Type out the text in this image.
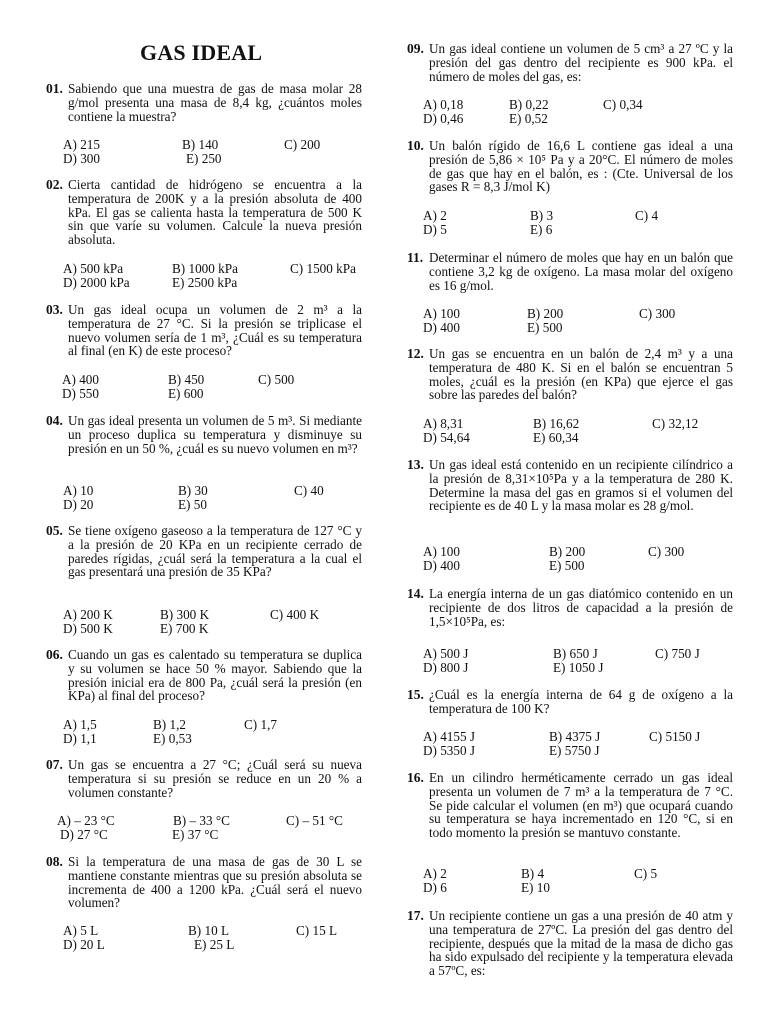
GAS IDEAL
01. Sabiendo que una muestra de gas de masa molar 28 g/mol presenta una masa de 8,4 kg, ¿cuántos moles contiene la muestra?
A) 215	B) 140	C) 200
D) 300	E) 250
02. Cierta cantidad de hidrógeno se encuentra a la temperatura de 200K y a la presión absoluta de 400 kPa. El gas se calienta hasta la temperatura de 500 K sin que varíe su volumen. Calcule la nueva presión absoluta.
A) 500 kPa	B) 1000 kPa	C) 1500 kPa
D) 2000 kPa	E) 2500 kPa
03. Un gas ideal ocupa un volumen de 2 m³ a la temperatura de 27 °C. Si la presión se triplicase el nuevo volumen sería de 1 m³, ¿Cuál es su temperatura al final (en K) de este proceso?
A) 400	B) 450	C) 500
D) 550	E) 600
04. Un gas ideal presenta un volumen de 5 m³. Si mediante un proceso duplica su temperatura y disminuye su presión en un 50 %, ¿cuál es su nuevo volumen en m³?
A) 10	B) 30	C) 40
D) 20	E) 50
05. Se tiene oxígeno gaseoso a la temperatura de 127 °C y a la presión de 20 KPa en un recipiente cerrado de paredes rígidas, ¿cuál será la temperatura a la cual el gas presentará una presión de 35 KPa?
A) 200 K	B) 300 K	C) 400 K
D) 500 K	E) 700 K
06. Cuando un gas es calentado su temperatura se duplica y su volumen se hace 50 % mayor. Sabiendo que la presión inicial era de 800 Pa, ¿cuál será la presión (en KPa) al final del proceso?
A) 1,5	B) 1,2	C) 1,7
D) 1,1	E) 0,53
07. Un gas se encuentra a 27 °C; ¿Cuál será su nueva temperatura si su presión se reduce en un 20 % a volumen constante?
A) – 23 °C	B) – 33 °C	C) – 51 °C
D) 27 °C	E) 37 °C
08. Si la temperatura de una masa de gas de 30 L se mantiene constante mientras que su presión absoluta se incrementa de 400 a 1200 kPa. ¿Cuál será el nuevo volumen?
A) 5 L	B) 10 L	C) 15 L
D) 20 L	E) 25 L
09. Un gas ideal contiene un volumen de 5 cm³ a 27 ºC y la presión del gas dentro del recipiente es 900 kPa. el número de moles del gas, es:
A) 0,18	B) 0,22	C) 0,34
D) 0,46	E) 0,52
10. Un balón rígido de 16,6 L contiene gas ideal a una presión de 5,86 × 10⁵ Pa y a 20°C. El número de moles de gas que hay en el balón, es : (Cte. Universal de los gases R = 8,3 J/mol K)
A) 2	B) 3	C) 4
D) 5	E) 6
11. Determinar el número de moles que hay en un balón que contiene 3,2 kg de oxígeno. La masa molar del oxígeno es 16 g/mol.
A) 100	B) 200	C) 300
D) 400	E) 500
12. Un gas se encuentra en un balón de 2,4 m³ y a una temperatura de 480 K. Si en el balón se encuentran 5 moles, ¿cuál es la presión (en KPa) que ejerce el gas sobre las paredes del balón?
A) 8,31	B) 16,62	C) 32,12
D) 54,64	E) 60,34
13. Un gas ideal está contenido en un recipiente cilíndrico a la presión de 8,31×10⁵Pa y a la temperatura de 280 K. Determine la masa del gas en gramos si el volumen del recipiente es de 40 L y la masa molar es 28 g/mol.
A) 100	B) 200	C) 300
D) 400	E) 500
14. La energía interna de un gas diatómico contenido en un recipiente de dos litros de capacidad a la presión de 1,5×10⁵Pa, es:
A) 500 J	B) 650 J	C) 750 J
D) 800 J	E) 1050 J
15. ¿Cuál es la energía interna de 64 g de oxígeno a la temperatura de 100 K?
A) 4155 J	B) 4375 J	C) 5150 J
D) 5350 J	E) 5750 J
16. En un cilindro herméticamente cerrado un gas ideal presenta un volumen de 7 m³ a la temperatura de 7 °C. Se pide calcular el volumen (en m³) que ocupará cuando su temperatura se haya incrementado en 120 °C, si en todo momento la presión se mantuvo constante.
A) 2	B) 4	C) 5
D) 6	E) 10
17. Un recipiente contiene un gas a una presión de 40 atm y una temperatura de 27ºC. La presión del gas dentro del recipiente, después que la mitad de la masa de dicho gas ha sido expulsado del recipiente y la temperatura elevada a 57ºC, es:
